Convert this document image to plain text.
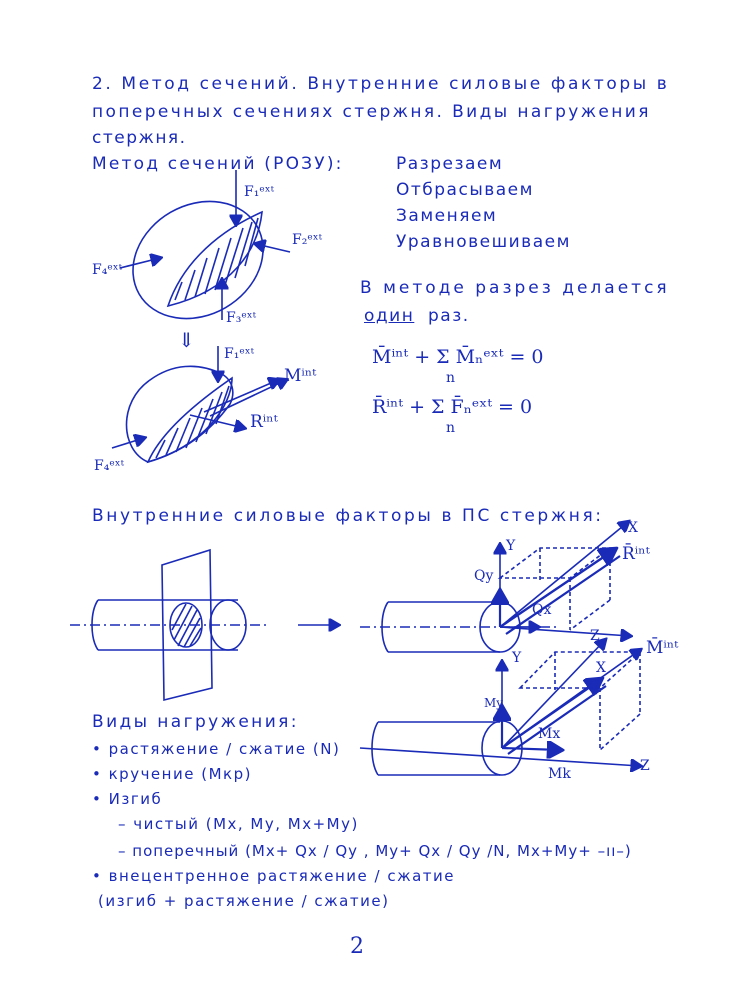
2. Метод сечений. Внутренние силовые факторы в
поперечных сечениях стержня. Виды нагружения
стержня.
Метод сечений (РОЗУ):	Разрезаем
Отбрасываем
Заменяем
Уравновешиваем
В методе разрез делается
один раз.
M̄ⁱⁿᵗ + Σ M̄ₙᵉˣᵗ = 0
n
R̄ⁱⁿᵗ + Σ F̄ₙᵉˣᵗ = 0
n
F₁ᵉˣᵗ
F₂ᵉˣᵗ
F₃ᵉˣᵗ
F₄ᵉˣᵗ
⇓
F₁ᵉˣᵗ
Mⁱⁿᵗ
Rⁱⁿᵗ
F₄ᵉˣᵗ
Внутренние силовые факторы в ПС стержня:
Y
Qy
Qx
X
Z
R̄ⁱⁿᵗ
Y
My
Mx
X
Z
Mk
M̄ⁱⁿᵗ
Виды нагружения:
• растяжение / сжатие (N)
• кручение (Mкр)
• Изгиб
– чистый (Mx, My, Mx+My)
– поперечный (Mx+ Qx / Qy , My+ Qx / Qy /N, Mx+My+ –ıı–)
• внецентренное растяжение / сжатие
(изгиб + растяжение / сжатие)
2
